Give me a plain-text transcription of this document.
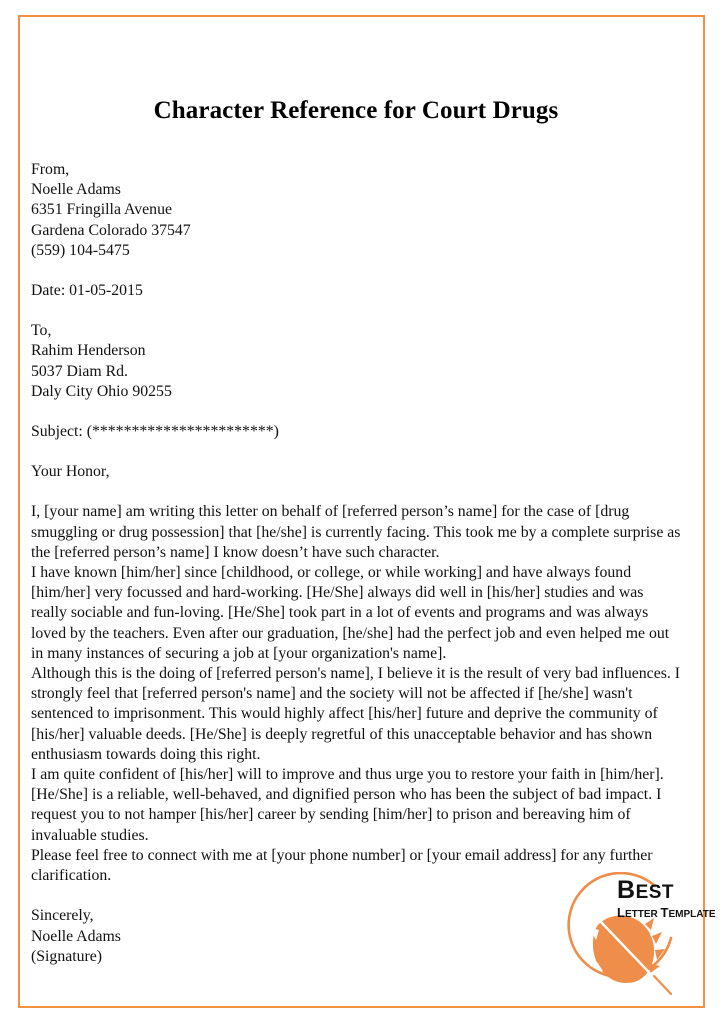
Character Reference for Court Drugs
From,
Noelle Adams
6351 Fringilla Avenue
Gardena Colorado 37547
(559) 104-5475
Date: 01-05-2015
To,
Rahim Henderson
5037 Diam Rd.
Daly City Ohio 90255
Subject: (***********************)
Your Honor,

I, [your name] am writing this letter on behalf of [referred person’s name] for the case of [drug smuggling or drug possession] that [he/she] is currently facing. This took me by a complete surprise as the [referred person’s name] I know doesn’t have such character.

I have known [him/her] since [childhood, or college, or while working] and have always found [him/her] very focussed and hard-working. [He/She] always did well in [his/her] studies and was really sociable and fun-loving. [He/She] took part in a lot of events and programs and was always loved by the teachers. Even after our graduation, [he/she] had the perfect job and even helped me out in many instances of securing a job at [your organization's name].

Although this is the doing of [referred person's name], I believe it is the result of very bad influences. I strongly feel that [referred person's name] and the society will not be affected if [he/she] wasn't sentenced to imprisonment. This would highly affect [his/her] future and deprive the community of [his/her] valuable deeds. [He/She] is deeply regretful of this unacceptable behavior and has shown enthusiasm towards doing this right.

I am quite confident of [his/her] will to improve and thus urge you to restore your faith in [him/her]. [He/She] is a reliable, well-behaved, and dignified person who has been the subject of bad impact. I request you to not hamper [his/her] career by sending [him/her] to prison and bereaving him of invaluable studies.

Please feel free to connect with me at [your phone number] or [your email address] for any further clarification.

Sincerely,
Noelle Adams
(Signature)
BEST
LETTER TEMPLATE
